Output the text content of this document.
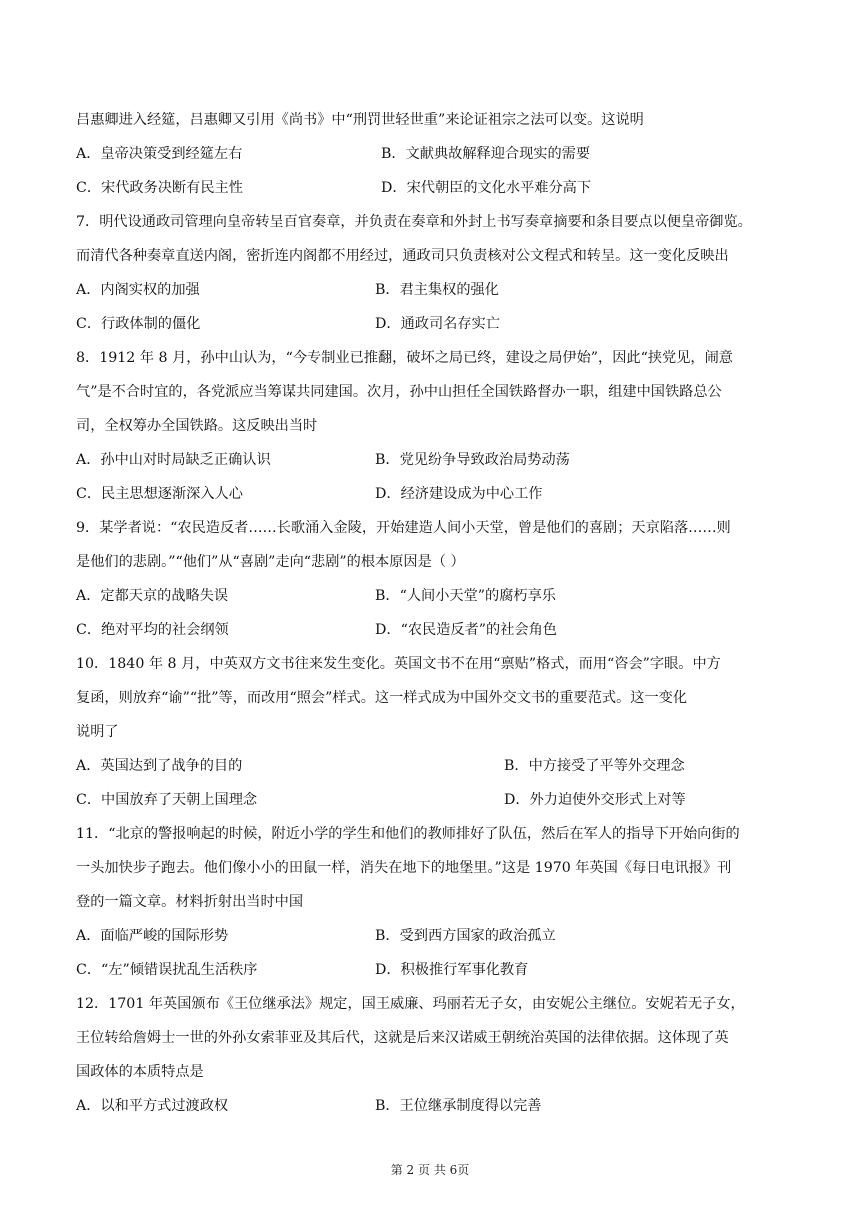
吕惠卿进入经筵，吕惠卿又引用《尚书》中“刑罚世轻世重”来论证祖宗之法可以变。这说明
A．皇帝决策受到经筵左右	B．文献典故解释迎合现实的需要
C．宋代政务决断有民主性	D．宋代朝臣的文化水平难分高下
7．明代设通政司管理向皇帝转呈百官奏章，并负责在奏章和外封上书写奏章摘要和条目要点以便皇帝御览。
而清代各种奏章直送内阁，密折连内阁都不用经过，通政司只负责核对公文程式和转呈。这一变化反映出
A．内阁实权的加强	B．君主集权的强化
C．行政体制的僵化	D．通政司名存实亡
8．1912 年 8 月，孙中山认为，“今专制业已推翻，破坏之局已终，建设之局伊始”，因此“挟党见，闹意
气”是不合时宜的，各党派应当筹谋共同建国。次月，孙中山担任全国铁路督办一职，组建中国铁路总公
司，全权筹办全国铁路。这反映出当时
A．孙中山对时局缺乏正确认识	B．党见纷争导致政治局势动荡
C．民主思想逐渐深入人心	D．经济建设成为中心工作
9．某学者说：“农民造反者……长歌涌入金陵，开始建造人间小天堂，曾是他们的喜剧；天京陷落……则
是他们的悲剧。”“他们”从“喜剧”走向“悲剧”的根本原因是（ ）
A．定都天京的战略失误	B．“人间小天堂”的腐朽享乐
C．绝对平均的社会纲领	D．“农民造反者”的社会角色
10．1840 年 8 月，中英双方文书往来发生变化。英国文书不在用“禀贴”格式，而用“咨会”字眼。中方
复函，则放弃“谕”“批”等，而改用“照会”样式。这一样式成为中国外交文书的重要范式。这一变化
说明了
A．英国达到了战争的目的	B．中方接受了平等外交理念
C．中国放弃了天朝上国理念	D．外力迫使外交形式上对等
11．“北京的警报响起的时候，附近小学的学生和他们的教师排好了队伍，然后在军人的指导下开始向街的
一头加快步子跑去。他们像小小的田鼠一样，消失在地下的地堡里。”这是 1970 年英国《每日电讯报》刊
登的一篇文章。材料折射出当时中国
A．面临严峻的国际形势	B．受到西方国家的政治孤立
C．“左”倾错误扰乱生活秩序	D．积极推行军事化教育
12．1701 年英国颁布《王位继承法》规定，国王威廉、玛丽若无子女，由安妮公主继位。安妮若无子女，
王位转给詹姆士一世的外孙女索菲亚及其后代，这就是后来汉诺威王朝统治英国的法律依据。这体现了英
国政体的本质特点是
A．以和平方式过渡政权	B．王位继承制度得以完善
第 2 页 共 6页
